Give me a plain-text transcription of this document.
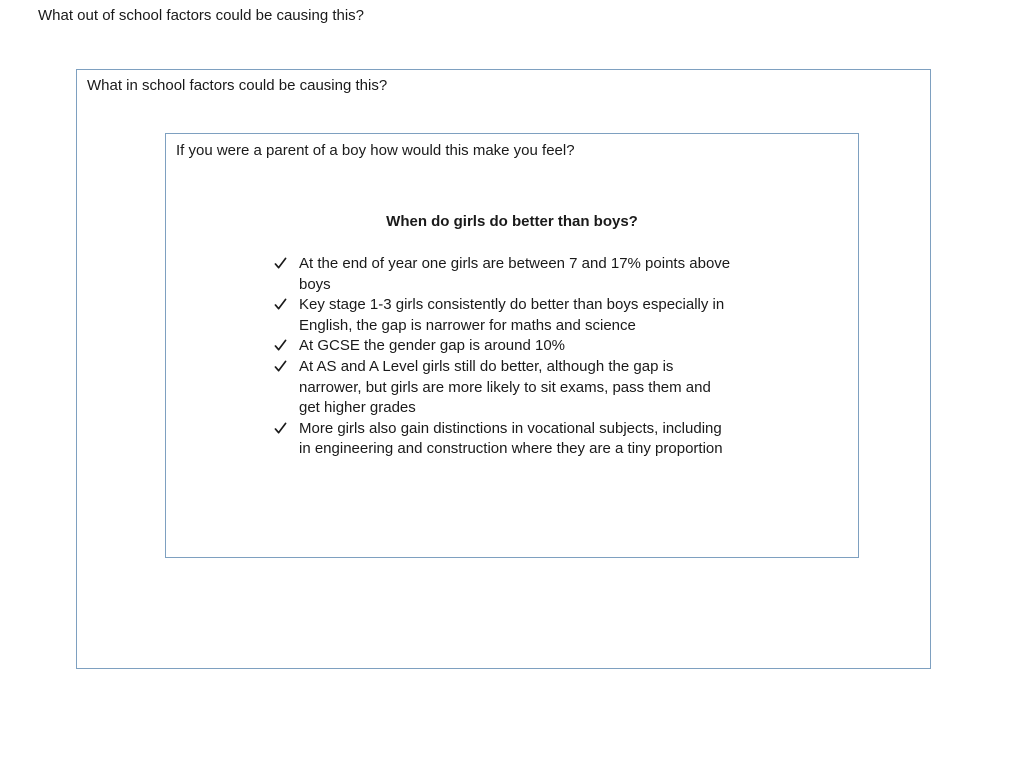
What out of school factors could be causing this?
What in school factors could be causing this?
If you were a parent of a boy how would this make you feel?
When do girls do better than boys?
At the end of year one girls are between 7 and 17% points above boys
Key stage 1-3 girls consistently do better than boys especially in English, the gap is narrower for maths and science
At GCSE the gender gap is around 10%
At AS and A Level girls still do better, although the gap is narrower, but girls are more likely to sit exams, pass them and get higher grades
More girls also gain distinctions in vocational subjects, including in engineering and construction where they are a tiny proportion
